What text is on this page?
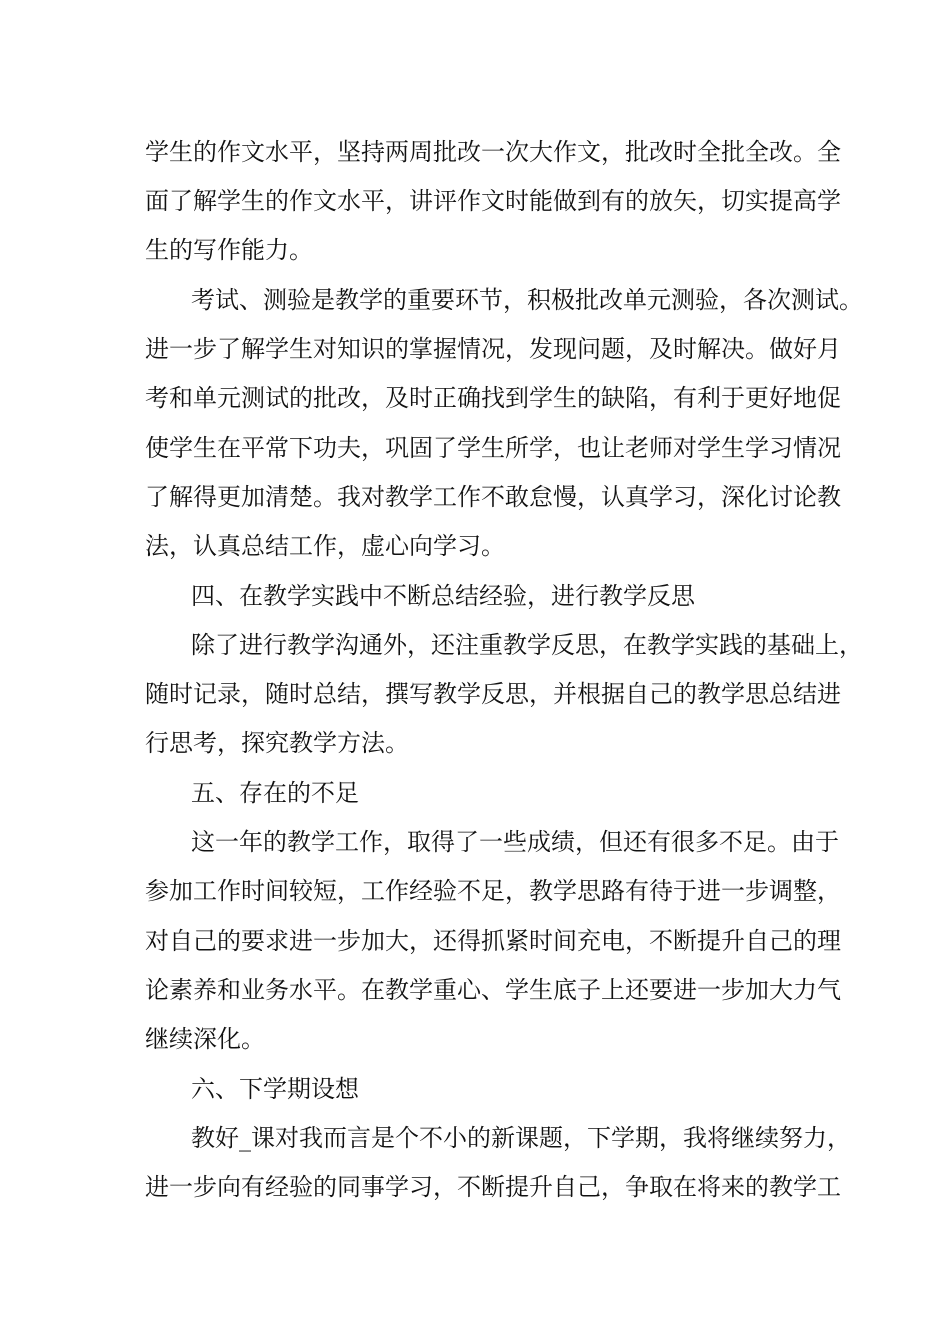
学生的作文水平，坚持两周批改一次大作文，批改时全批全改。全
面了解学生的作文水平，讲评作文时能做到有的放矢，切实提高学
生的写作能力。
考试、测验是教学的重要环节，积极批改单元测验，各次测试。
进一步了解学生对知识的掌握情况，发现问题，及时解决。做好月
考和单元测试的批改，及时正确找到学生的缺陷，有利于更好地促
使学生在平常下功夫，巩固了学生所学，也让老师对学生学习情况
了解得更加清楚。我对教学工作不敢怠慢，认真学习，深化讨论教
法，认真总结工作，虚心向学习。
四、在教学实践中不断总结经验，进行教学反思
除了进行教学沟通外，还注重教学反思，在教学实践的基础上，
随时记录，随时总结，撰写教学反思，并根据自己的教学思总结进
行思考，探究教学方法。
五、存在的不足
这一年的教学工作，取得了一些成绩，但还有很多不足。由于
参加工作时间较短，工作经验不足，教学思路有待于进一步调整，
对自己的要求进一步加大，还得抓紧时间充电，不断提升自己的理
论素养和业务水平。在教学重心、学生底子上还要进一步加大力气
继续深化。
六、下学期设想
教好_课对我而言是个不小的新课题，下学期，我将继续努力，
进一步向有经验的同事学习，不断提升自己，争取在将来的教学工
